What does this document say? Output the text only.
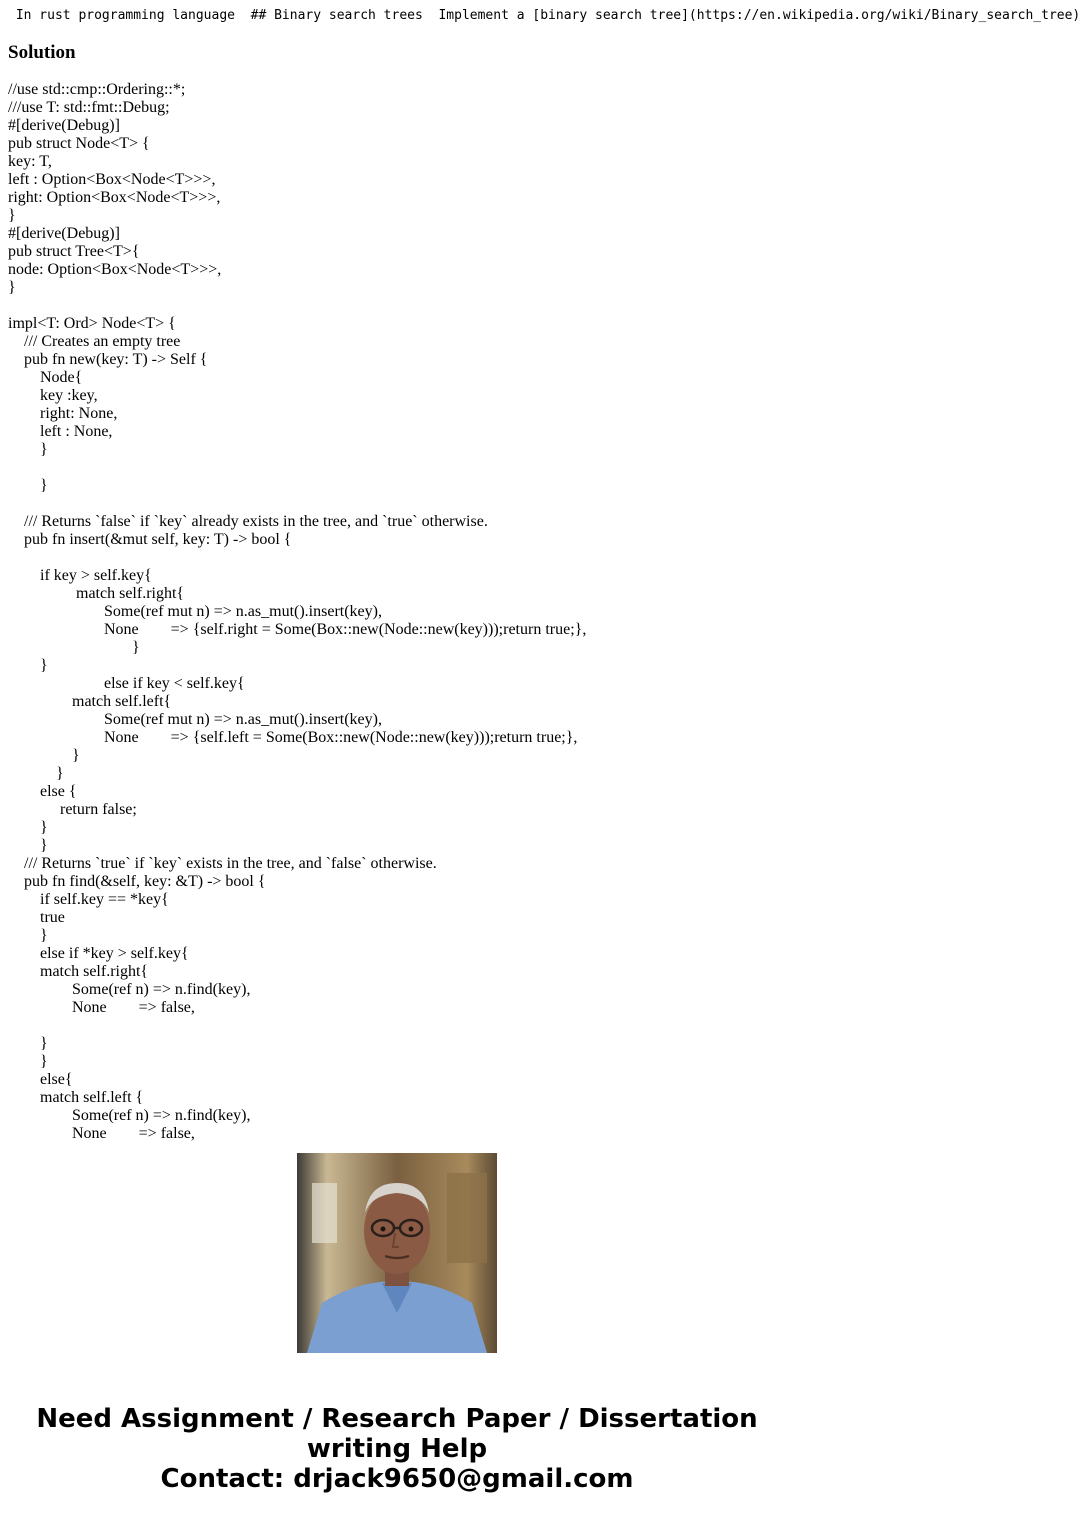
In rust programming language  ## Binary search trees  Implement a [binary search tree](https://en.wikipedia.org/wiki/Binary_search_tree)
Solution
//use std::cmp::Ordering::*;
///use T: std::fmt::Debug;
#[derive(Debug)]
pub struct Node<T> {
key: T,
left : Option<Box<Node<T>>>,
right: Option<Box<Node<T>>>,
}
#[derive(Debug)]
pub struct Tree<T>{
node: Option<Box<Node<T>>>,
}
impl<T: Ord> Node<T> {
/// Creates an empty tree
pub fn new(key: T) -> Self {
Node{
key :key,
right: None,
left : None,
}
}
/// Returns `false` if `key` already exists in the tree, and `true` otherwise.
pub fn insert(&mut self, key: T) -> bool {
if key > self.key{
match self.right{
Some(ref mut n) => n.as_mut().insert(key),
None        => {self.right = Some(Box::new(Node::new(key)));return true;},
}
}
else if key < self.key{
match self.left{
Some(ref mut n) => n.as_mut().insert(key),
None        => {self.left = Some(Box::new(Node::new(key)));return true;},
}
}
else {
return false;
}
}
/// Returns `true` if `key` exists in the tree, and `false` otherwise.
pub fn find(&self, key: &T) -> bool {
if self.key == *key{
true
}
else if *key > self.key{
match self.right{
Some(ref n) => n.find(key),
None        => false,
}
}
else{
match self.left {
Some(ref n) => n.find(key),
None        => false,
Need Assignment / Research Paper / Dissertation
writing Help
Contact: drjack9650@gmail.com
